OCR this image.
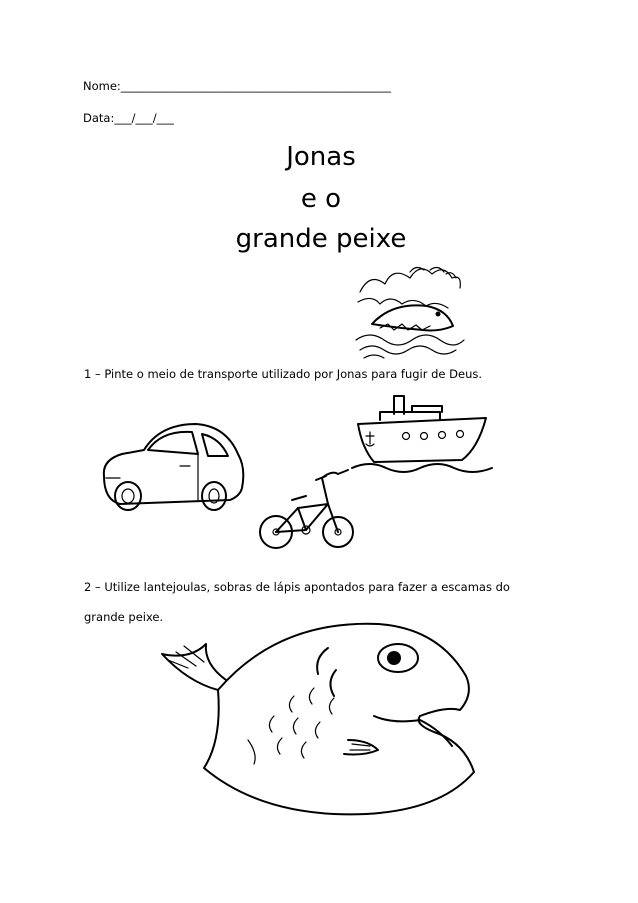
Nome:_______________________________________________
Data:___/___/___
Jonas
e o
grande peixe
1 – Pinte o meio de transporte utilizado por Jonas para fugir de Deus.
2 – Utilize lantejoulas, sobras de lápis apontados para fazer a escamas do
grande peixe.
